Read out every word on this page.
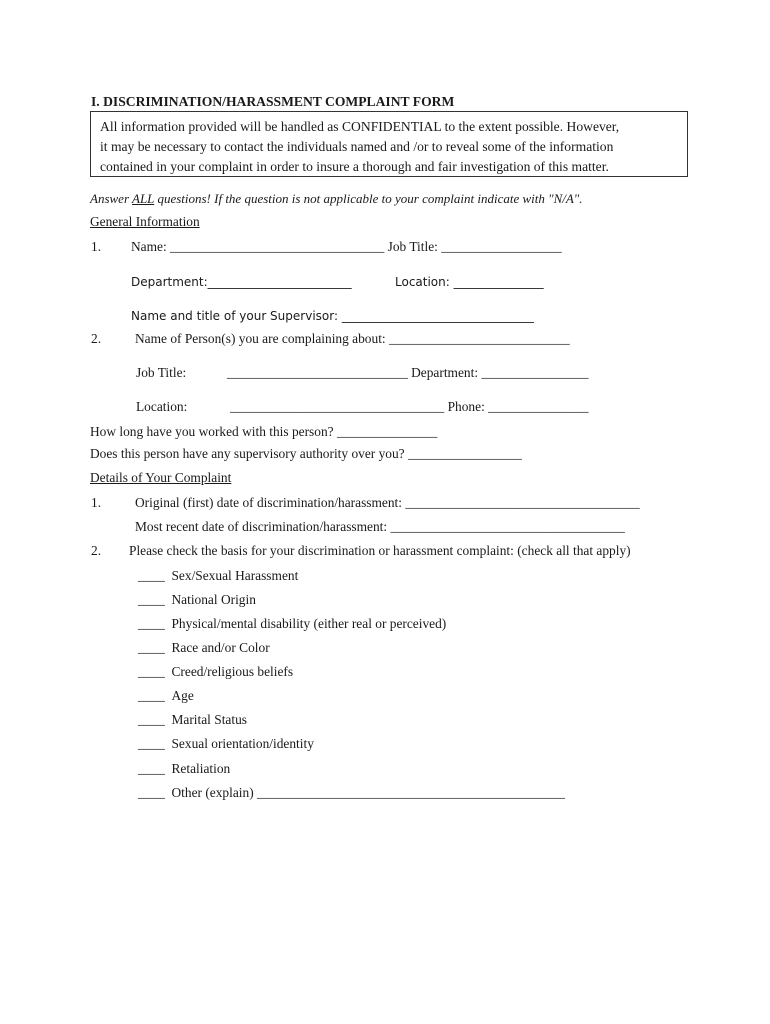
I. DISCRIMINATION/HARASSMENT COMPLAINT FORM
All information provided will be handled as CONFIDENTIAL to the extent possible. However,
it may be necessary to contact the individuals named and /or to reveal some of the information
contained in your complaint in order to insure a thorough and fair investigation of this matter.
Answer ALL questions! If the question is not applicable to your complaint indicate with "N/A".
General Information
1. Name: ________________________________ Job Title: __________________
Department:________________________	Location: _______________
Name and title of your Supervisor: ________________________________
2.	Name of Person(s) you are complaining about: ___________________________
Job Title:	___________________________ Department: ________________
Location:	________________________________ Phone: _______________
How long have you worked with this person? _______________
Does this person have any supervisory authority over you? _________________
Details of Your Complaint
1.	Original (first) date of discrimination/harassment: ___________________________________
Most recent date of discrimination/harassment: ___________________________________
2. Please check the basis for your discrimination or harassment complaint: (check all that apply)
____ Sex/Sexual Harassment
____ National Origin
____ Physical/mental disability (either real or perceived)
____ Race and/or Color
____ Creed/religious beliefs
____ Age
____ Marital Status
____ Sexual orientation/identity
____ Retaliation
____ Other (explain) ______________________________________________
